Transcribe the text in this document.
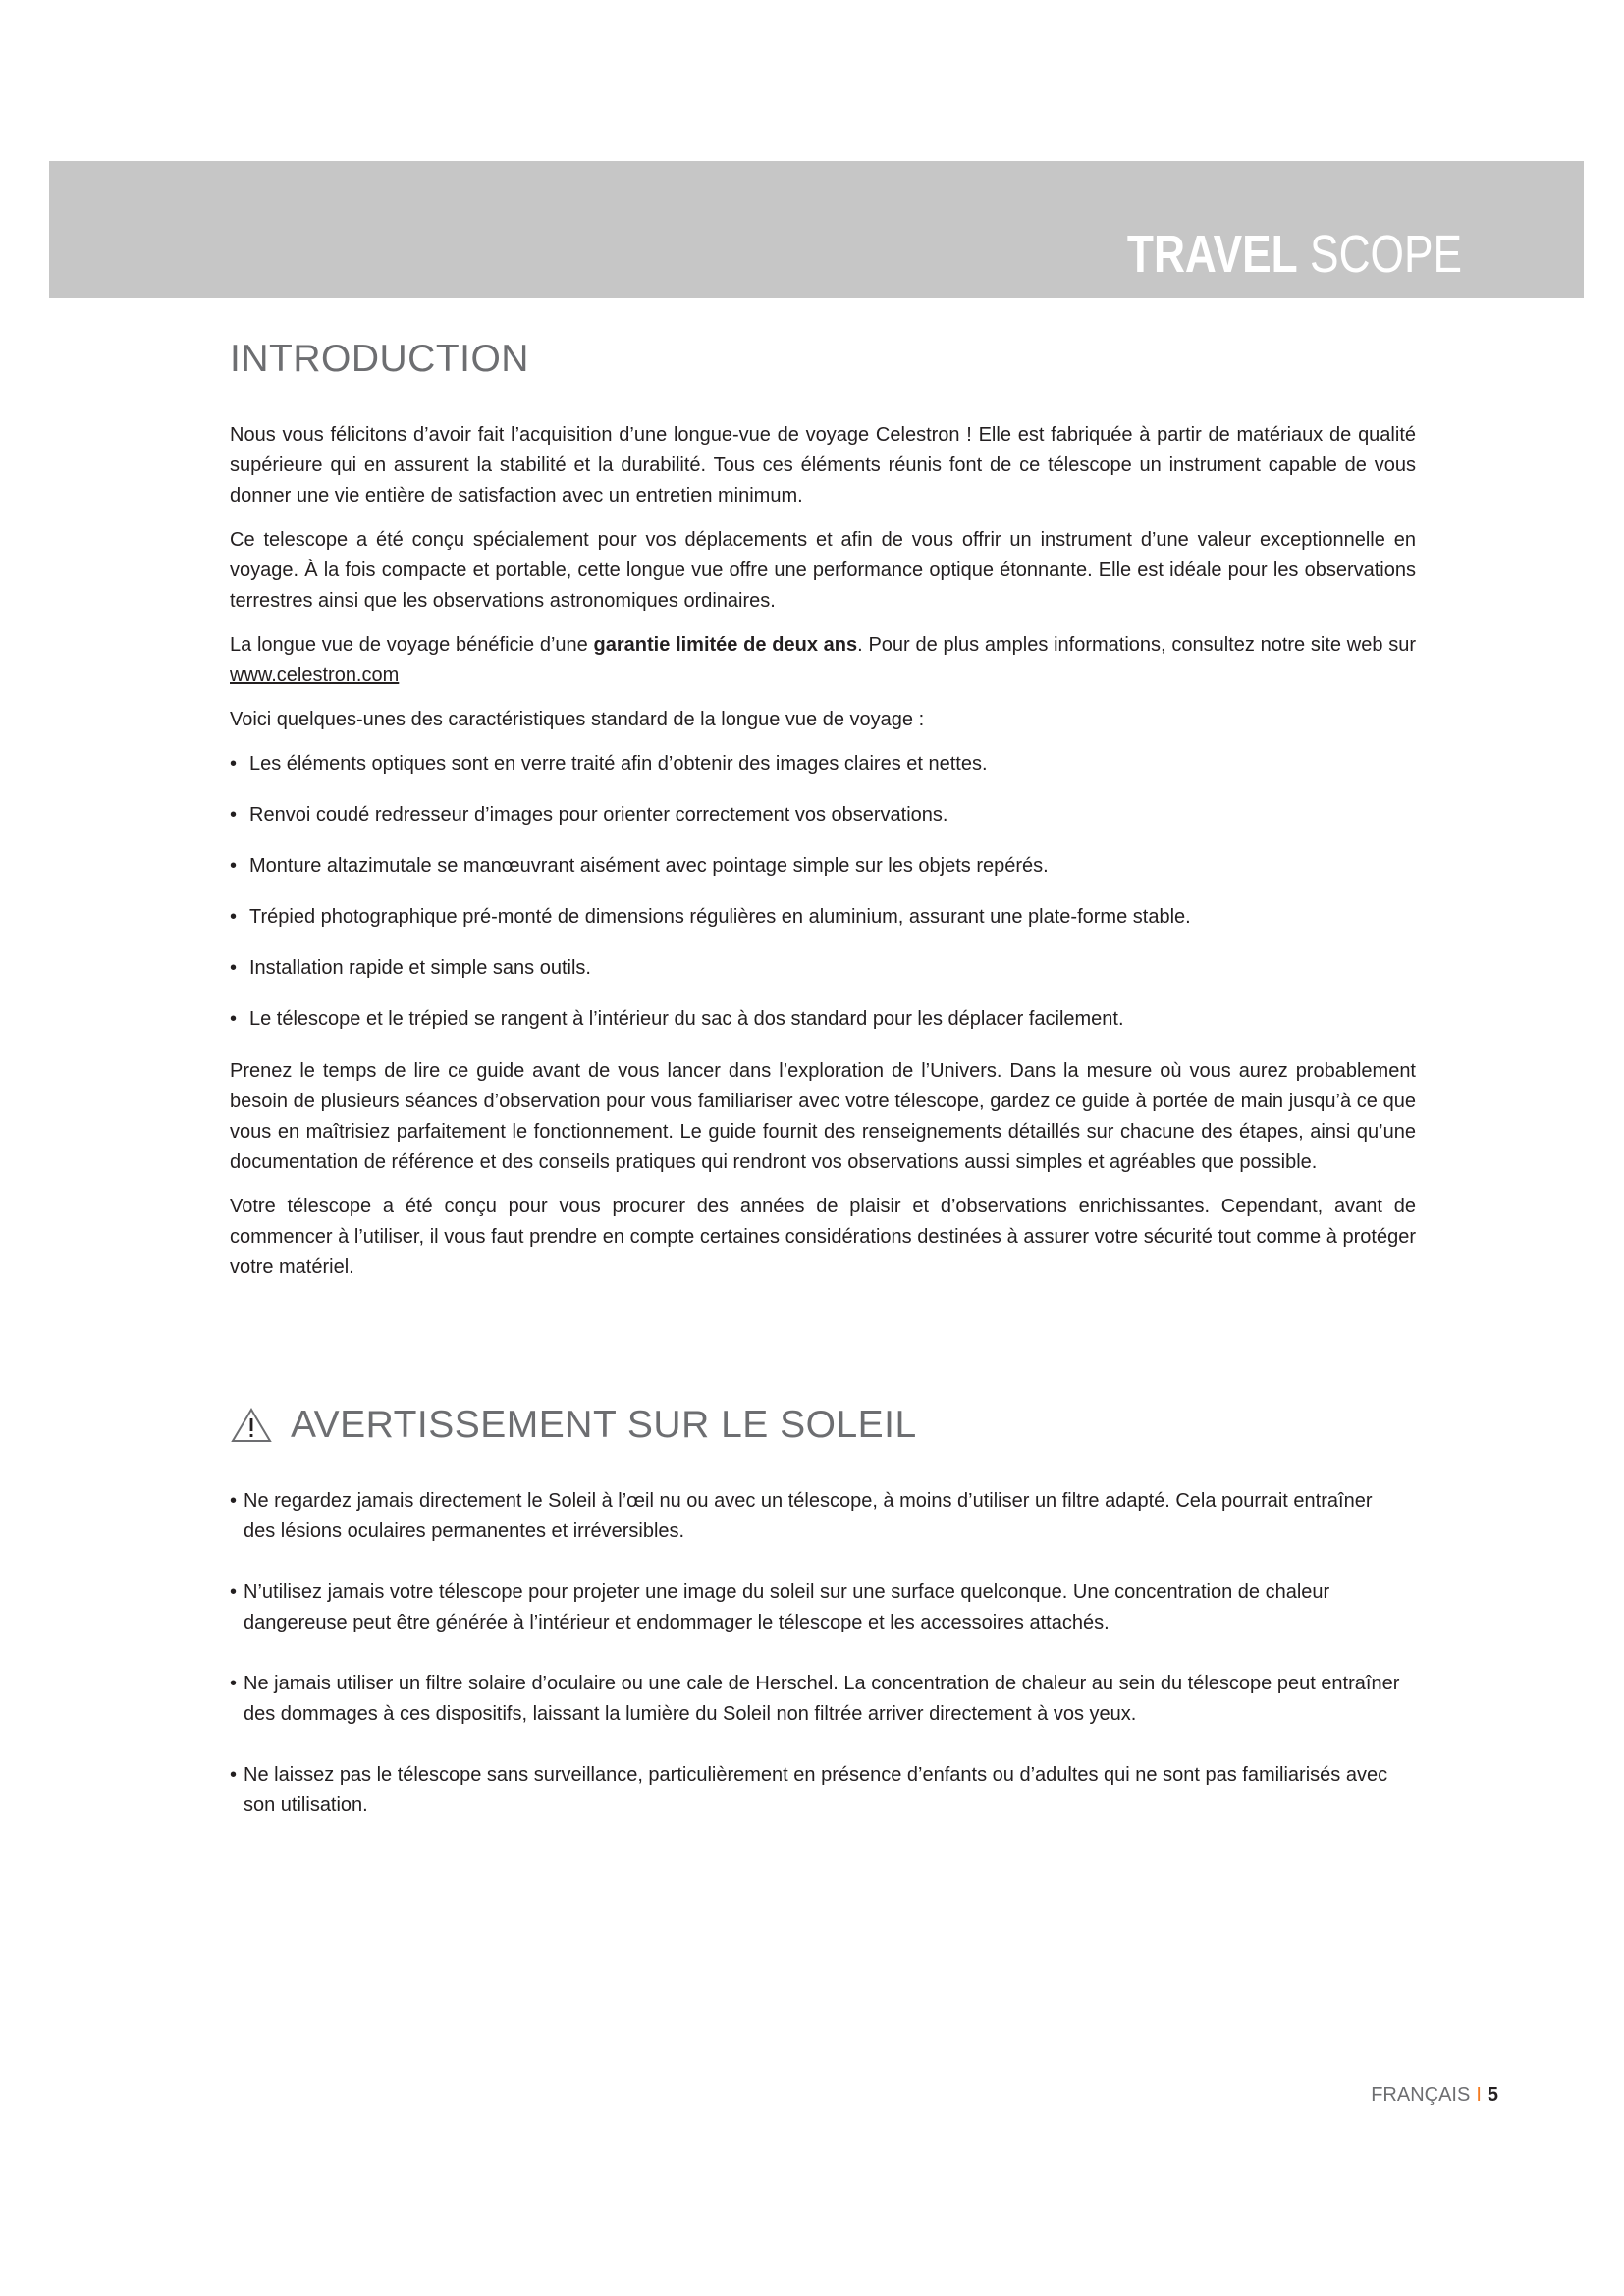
TRAVEL SCOPE
INTRODUCTION

Nous vous félicitons d’avoir fait l’acquisition d’une longue-vue de voyage Celestron ! Elle est fabriquée à partir de matériaux de qualité supérieure qui en assurent la stabilité et la durabilité. Tous ces éléments réunis font de ce télescope un instrument capable de vous donner une vie entière de satisfaction avec un entretien minimum.

Ce telescope a été conçu spécialement pour vos déplacements et afin de vous offrir un instrument d’une valeur exceptionnelle en voyage. À la fois compacte et portable, cette longue vue offre une performance optique étonnante. Elle est idéale pour les observations terrestres ainsi que les observations astronomiques ordinaires.

La longue vue de voyage bénéficie d’une garantie limitée de deux ans. Pour de plus amples informations, consultez notre site web sur www.celestron.com

Voici quelques-unes des caractéristiques standard de la longue vue de voyage :

• Les éléments optiques sont en verre traité afin d’obtenir des images claires et nettes.
• Renvoi coudé redresseur d’images pour orienter correctement vos observations.
• Monture altazimutale se manœuvrant aisément avec pointage simple sur les objets repérés.
• Trépied photographique pré-monté de dimensions régulières en aluminium, assurant une plate-forme stable.
• Installation rapide et simple sans outils.
• Le télescope et le trépied se rangent à l’intérieur du sac à dos standard pour les déplacer facilement.

Prenez le temps de lire ce guide avant de vous lancer dans l’exploration de l’Univers. Dans la mesure où vous aurez probablement besoin de plusieurs séances d’observation pour vous familiariser avec votre télescope, gardez ce guide à portée de main jusqu’à ce que vous en maîtrisiez parfaitement le fonctionnement. Le guide fournit des renseignements détaillés sur chacune des étapes, ainsi qu’une documentation de référence et des conseils pratiques qui rendront vos observations aussi simples et agréables que possible.

Votre télescope a été conçu pour vous procurer des années de plaisir et d’observations enrichissantes. Cependant, avant de commencer à l’utiliser, il vous faut prendre en compte certaines considérations destinées à assurer votre sécurité tout comme à protéger votre matériel.

AVERTISSEMENT SUR LE SOLEIL
• Ne regardez jamais directement le Soleil à l’œil nu ou avec un télescope, à moins d’utiliser un filtre adapté. Cela pourrait entraîner des lésions oculaires permanentes et irréversibles.
• N’utilisez jamais votre télescope pour projeter une image du soleil sur une surface quelconque. Une concentration de chaleur dangereuse peut être générée à l’intérieur et endommager le télescope et les accessoires attachés.
• Ne jamais utiliser un filtre solaire d’oculaire ou une cale de Herschel. La concentration de chaleur au sein du télescope peut entraîner des dommages à ces dispositifs, laissant la lumière du Soleil non filtrée arriver directement à vos yeux.
• Ne laissez pas le télescope sans surveillance, particulièrement en présence d’enfants ou d’adultes qui ne sont pas familiarisés avec son utilisation.
FRANÇAIS I 5
